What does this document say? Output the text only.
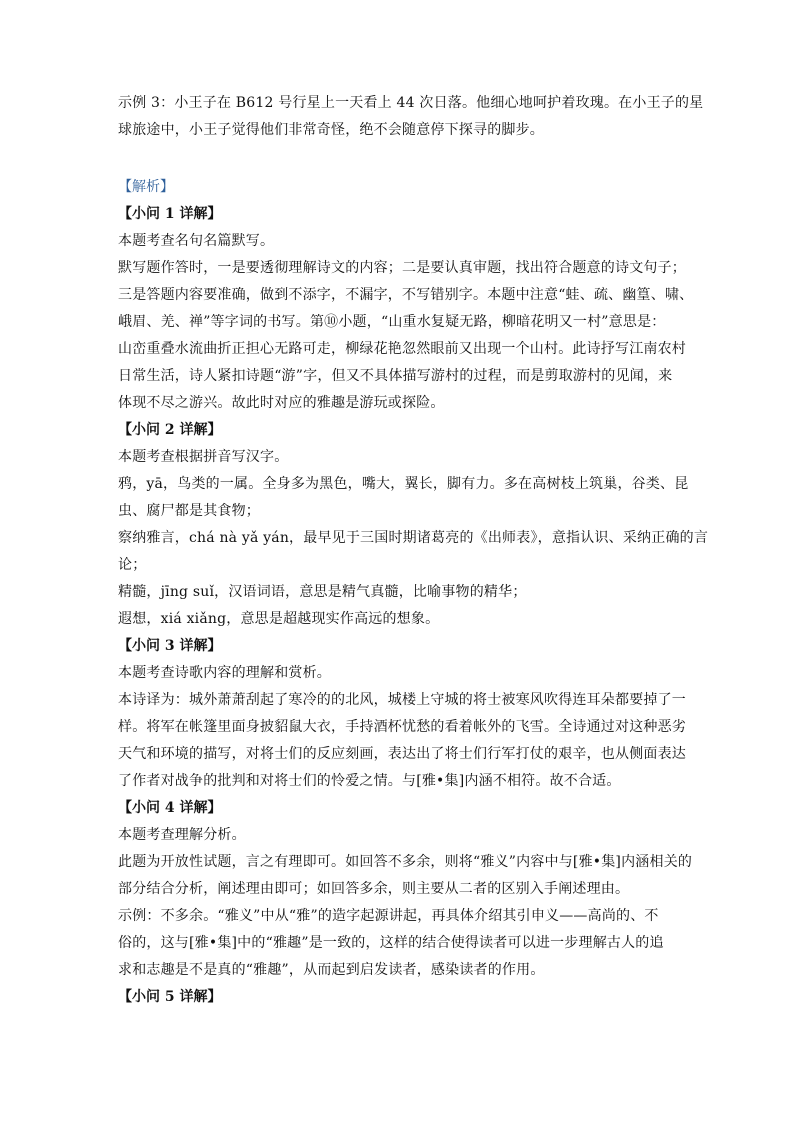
示例 3：小王子在 B612 号行星上一天看上 44 次日落。他细心地呵护着玫瑰。在小王子的星
球旅途中，小王子觉得他们非常奇怪，绝不会随意停下探寻的脚步。
【解析】
【小问 1 详解】
本题考查名句名篇默写。
默写题作答时，一是要透彻理解诗文的内容；二是要认真审题，找出符合题意的诗文句子；
三是答题内容要准确，做到不添字，不漏字，不写错别字。本题中注意“蛙、疏、幽篁、啸、
峨眉、羌、禅”等字词的书写。第⑩小题，“山重水复疑无路，柳暗花明又一村”意思是：
山峦重叠水流曲折正担心无路可走，柳绿花艳忽然眼前又出现一个山村。此诗抒写江南农村
日常生活，诗人紧扣诗题“游”字，但又不具体描写游村的过程，而是剪取游村的见闻，来
体现不尽之游兴。故此时对应的雅趣是游玩或探险。
【小问 2 详解】
本题考查根据拼音写汉字。
鸦，yā，鸟类的一属。全身多为黑色，嘴大，翼长，脚有力。多在高树枝上筑巢，谷类、昆
虫、腐尸都是其食物；
察纳雅言，chá nà yǎ yán，最早见于三国时期诸葛亮的《出师表》，意指认识、采纳正确的言
论；
精髓，jīng suǐ，汉语词语，意思是精气真髓，比喻事物的精华；
遐想，xiá xiǎng，意思是超越现实作高远的想象。
【小问 3 详解】
本题考查诗歌内容的理解和赏析。
本诗译为：城外萧萧刮起了寒冷的的北风，城楼上守城的将士被寒风吹得连耳朵都要掉了一
样。将军在帐篷里面身披貂鼠大衣，手持酒杯忧愁的看着帐外的飞雪。全诗通过对这种恶劣
天气和环境的描写，对将士们的反应刻画，表达出了将士们行军打仗的艰辛，也从侧面表达
了作者对战争的批判和对将士们的怜爱之情。与[雅•集]内涵不相符。故不合适。
【小问 4 详解】
本题考查理解分析。
此题为开放性试题，言之有理即可。如回答不多余，则将“雅义”内容中与[雅•集]内涵相关的
部分结合分析，阐述理由即可；如回答多余，则主要从二者的区别入手阐述理由。
示例：不多余。“雅义”中从“雅”的造字起源讲起，再具体介绍其引申义——高尚的、不
俗的，这与[雅•集]中的“雅趣”是一致的，这样的结合使得读者可以进一步理解古人的追
求和志趣是不是真的“雅趣”，从而起到启发读者，感染读者的作用。
【小问 5 详解】
